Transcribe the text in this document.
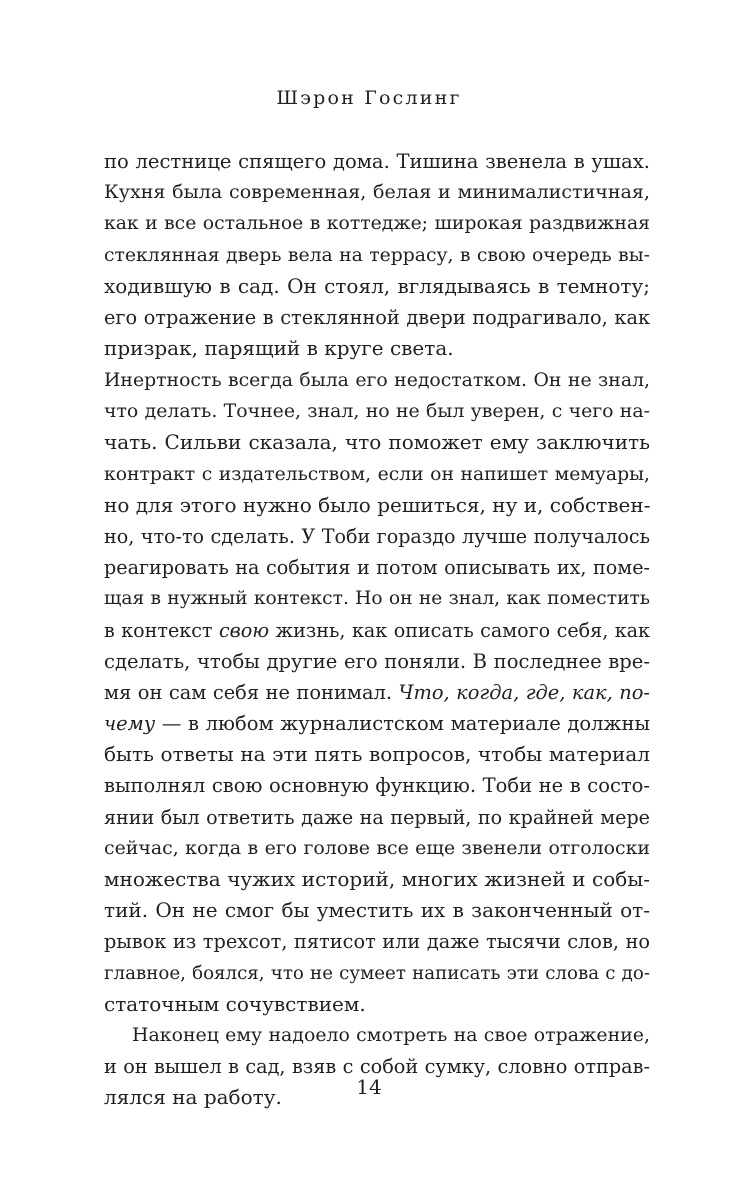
Шэрон Гослинг
по лестнице спящего дома. Тишина звенела в ушах.
Кухня была современная, белая и минималистичная,
как и все остальное в коттедже; широкая раздвижная
стеклянная дверь вела на террасу, в свою очередь вы-
ходившую в сад. Он стоял, вглядываясь в темноту;
его отражение в стеклянной двери подрагивало, как
призрак, парящий в круге света.
Инертность всегда была его недостатком. Он не знал,
что делать. Точнее, знал, но не был уверен, с чего на-
чать. Сильви сказала, что поможет ему заключить
контракт с издательством, если он напишет мемуары,
но для этого нужно было решиться, ну и, собствен-
но, что-то сделать. У Тоби гораздо лучше получалось
реагировать на события и потом описывать их, поме-
щая в нужный контекст. Но он не знал, как поместить
в контекст свою жизнь, как описать самого себя, как
сделать, чтобы другие его поняли. В последнее вре-
мя он сам себя не понимал. Что, когда, где, как, по-
чему — в любом журналистском материале должны
быть ответы на эти пять вопросов, чтобы материал
выполнял свою основную функцию. Тоби не в состо-
янии был ответить даже на первый, по крайней мере
сейчас, когда в его голове все еще звенели отголоски
множества чужих историй, многих жизней и собы-
тий. Он не смог бы уместить их в законченный от-
рывок из трехсот, пятисот или даже тысячи слов, но
главное, боялся, что не сумеет написать эти слова с до-
статочным сочувствием.
Наконец ему надоело смотреть на свое отражение,
и он вышел в сад, взяв с собой сумку, словно отправ-
лялся на работу.	14
